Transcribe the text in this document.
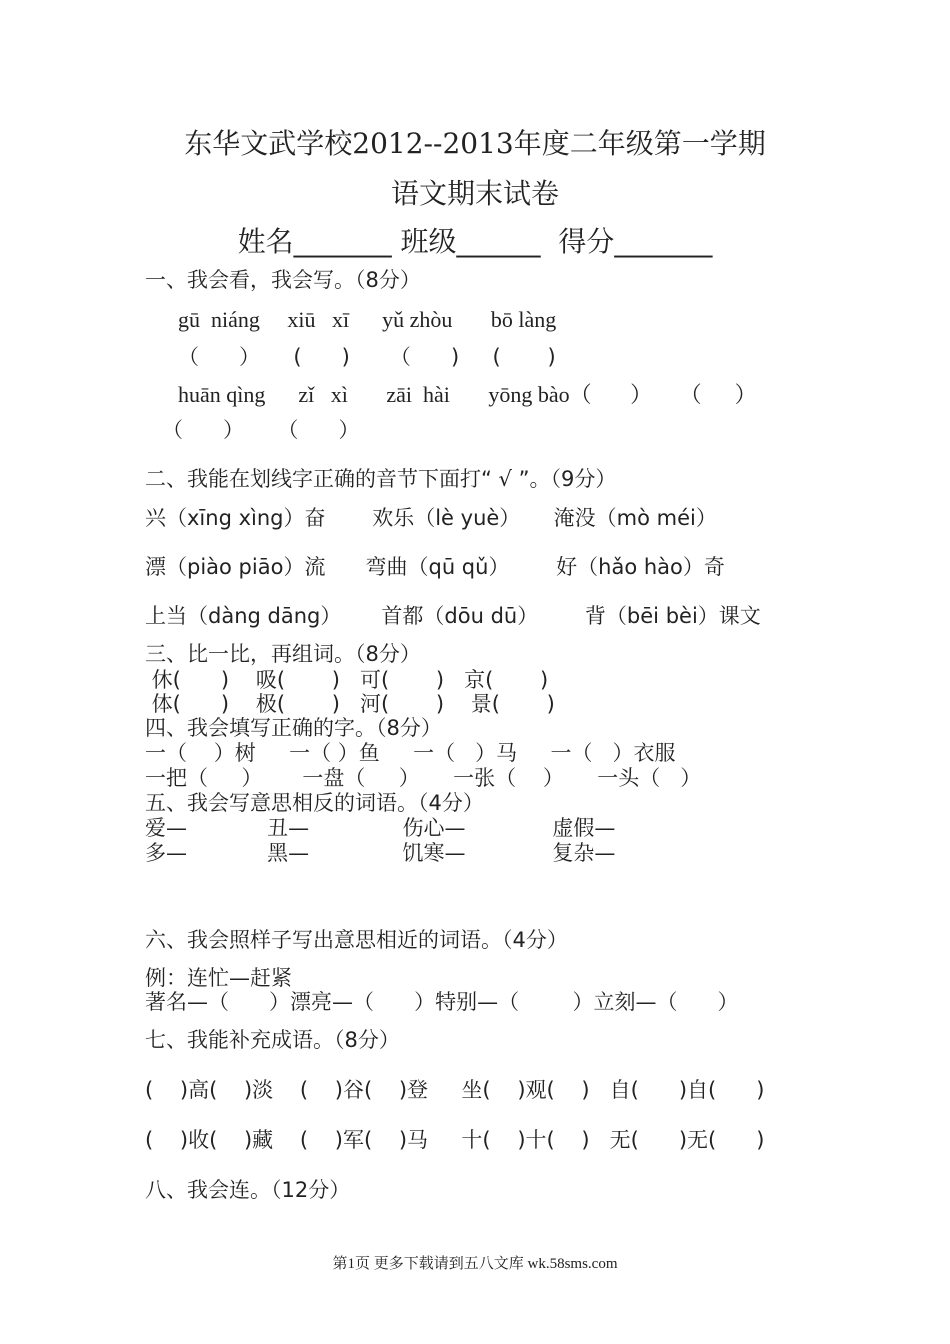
东华文武学校2012--2013年度二年级第一学期
语文期末试卷
姓名_______ 班级______  得分_______
一、我会看，我会写。（8分）
gū  niáng     xiū   xī      yǔ zhòu       bō làng
（      ）     (      )      （      )     (       )
huān qìng      zǐ   xì       zāi  hài       yōng bào（       ）     （      ）
（      ）     （      ）
二、我能在划线字正确的音节下面打“ √ ”。（9分）
兴（xīng xìng）奋       欢乐（lè yuè）     淹没（mò méi）
漂（piào piāo）流      弯曲（qū qǔ）       好（hǎo hào）奇
上当（dàng dāng）      首都（dōu dū）       背（bēi bèi）课文
三、比一比，再组词。（8分）
休(      )    吸(       )   可(       )   京(       )
体(      )    极(       )   河(       )    景(       )
四、我会填写正确的字。（8分）
一（    ）树     一（ ）鱼     一（   ）马     一（   ）衣服
一把（     ）      一盘（     ）     一张（    ）     一头（   ）
五、我会写意思相反的词语。（4分）
爱—            丑—              伤心—             虚假—
多—            黑—              饥寒—             复杂—
六、我会照样子写出意思相近的词语。（4分）
例：连忙—赶紧
著名—（      ）漂亮—（      ）特别—（        ）立刻—（      ）
七、我能补充成语。（8分）
(    )高(    )淡    (    )谷(    )登     坐(    )观(    )   自(      )自(      )
(    )收(    )藏    (    )军(    )马     十(    )十(    )   无(      )无(      )
八、我会连。（12分）
第1页 更多下载请到五八文库 wk.58sms.com
